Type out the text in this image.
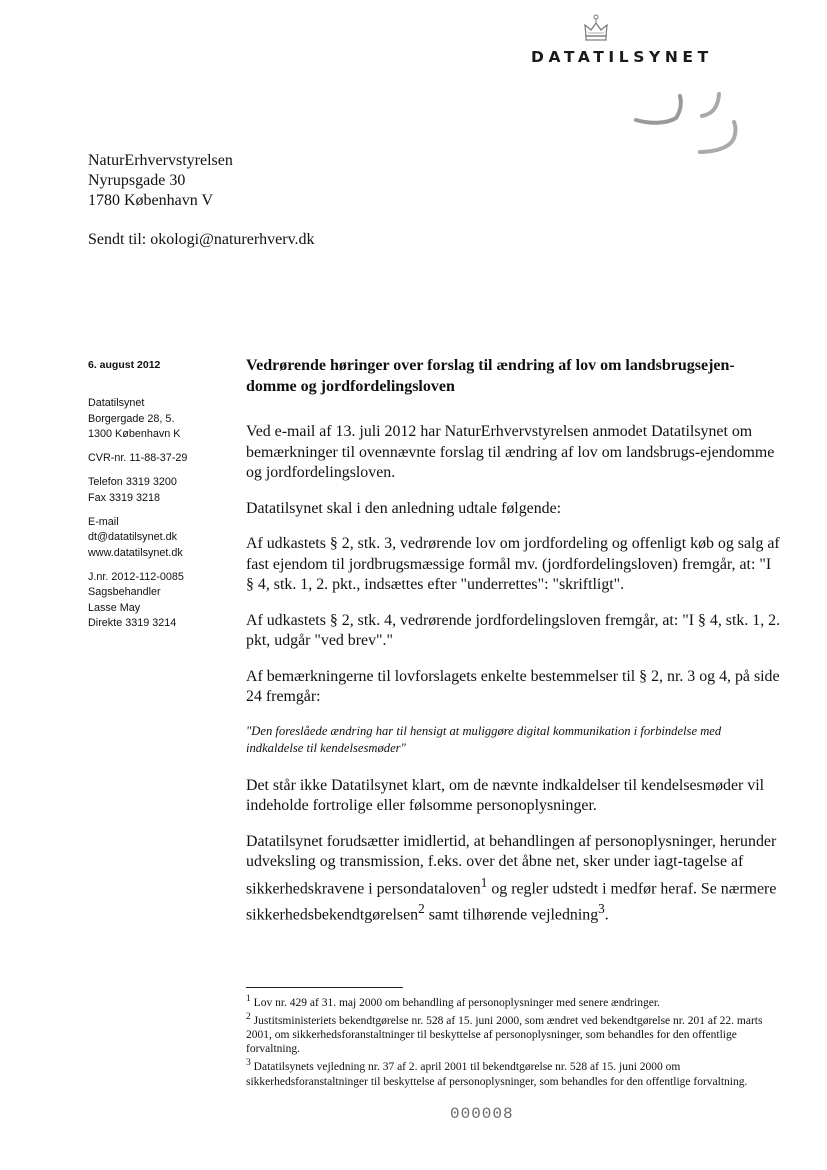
DATATILSYNET
NaturErhvervstyrelsen
Nyrupsgade 30
1780 København V
Sendt til: okologi@naturerhverv.dk
6. august 2012
Datatilsynet
Borgergade 28, 5.
1300 København K
CVR-nr. 11-88-37-29
Telefon 3319 3200
Fax 3319 3218
E-mail
dt@datatilsynet.dk
www.datatilsynet.dk
J.nr. 2012-112-0085
Sagsbehandler
Lasse May
Direkte 3319 3214
Vedrørende høringer over forslag til ændring af lov om landsbrugsejen-domme og jordfordelingsloven

Ved e-mail af 13. juli 2012 har NaturErhvervstyrelsen anmodet Datatilsynet om bemærkninger til ovennævnte forslag til ændring af lov om landsbrugs-ejendomme og jordfordelingsloven.

Datatilsynet skal i den anledning udtale følgende:

Af udkastets § 2, stk. 3, vedrørende lov om jordfordeling og offenligt køb og salg af fast ejendom til jordbrugsmæssige formål mv. (jordfordelingsloven) fremgår, at: "I § 4, stk. 1, 2. pkt., indsættes efter "underrettes": "skriftligt".

Af udkastets § 2, stk. 4, vedrørende jordfordelingsloven fremgår, at: "I § 4, stk. 1, 2. pkt, udgår "ved brev"."

Af bemærkningerne til lovforslagets enkelte bestemmelser til § 2, nr. 3 og 4, på side 24 fremgår:

"Den foreslåede ændring har til hensigt at muliggøre digital kommunikation i forbindelse med indkaldelse til kendelsesmøder"

Det står ikke Datatilsynet klart, om de nævnte indkaldelser til kendelsesmøder vil indeholde fortrolige eller følsomme personoplysninger.

Datatilsynet forudsætter imidlertid, at behandlingen af personoplysninger, herunder udveksling og transmission, f.eks. over det åbne net, sker under iagt-tagelse af sikkerhedskravene i persondataloven$^1$ og regler udstedt i medfør heraf. Se nærmere sikkerhedsbekendtgørelsen$^2$ samt tilhørende vejledning$^3$.

$^1$ Lov nr. 429 af 31. maj 2000 om behandling af personoplysninger med senere ændringer.

$^2$ Justitsministeriets bekendtgørelse nr. 528 af 15. juni 2000, som ændret ved bekendtgørelse nr. 201 af 22. marts 2001, om sikkerhedsforanstaltninger til beskyttelse af personoplysninger, som behandles for den offentlige forvaltning.

$^3$ Datatilsynets vejledning nr. 37 af 2. april 2001 til bekendtgørelse nr. 528 af 15. juni 2000 om sikkerhedsforanstaltninger til beskyttelse af personoplysninger, som behandles for den offentlige forvaltning.

000008
